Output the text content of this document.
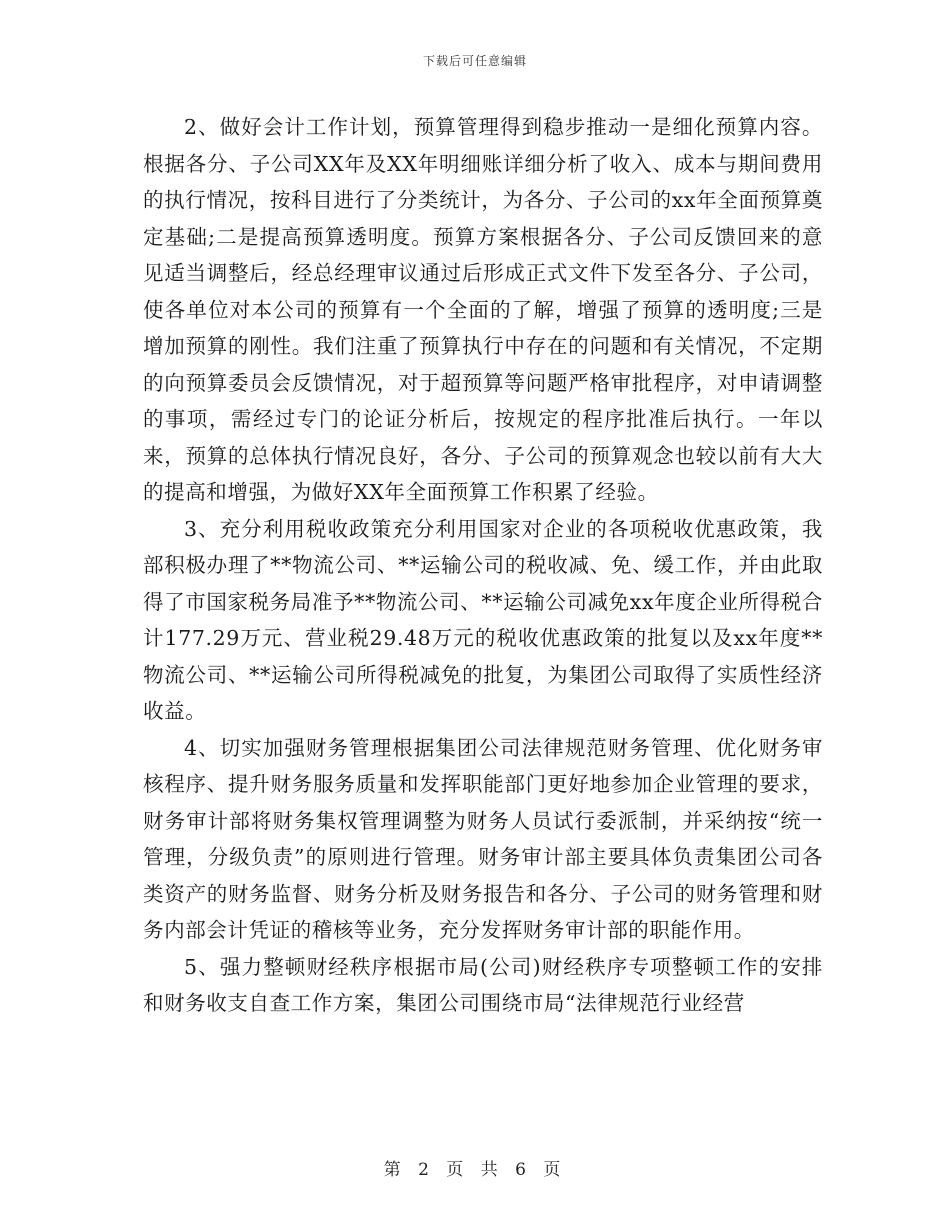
下载后可任意编辑

2、做好会计工作计划，预算管理得到稳步推动一是细化预算内容。根据各分、子公司XX年及XX年明细账详细分析了收入、成本与期间费用的执行情况，按科目进行了分类统计，为各分、子公司的xx年全面预算奠定基础;二是提高预算透明度。预算方案根据各分、子公司反馈回来的意见适当调整后，经总经理审议通过后形成正式文件下发至各分、子公司，使各单位对本公司的预算有一个全面的了解，增强了预算的透明度;三是增加预算的刚性。我们注重了预算执行中存在的问题和有关情况，不定期的向预算委员会反馈情况，对于超预算等问题严格审批程序，对申请调整的事项，需经过专门的论证分析后，按规定的程序批准后执行。一年以来，预算的总体执行情况良好，各分、子公司的预算观念也较以前有大大的提高和增强，为做好XX年全面预算工作积累了经验。

3、充分利用税收政策充分利用国家对企业的各项税收优惠政策，我部积极办理了**物流公司、**运输公司的税收减、免、缓工作，并由此取得了市国家税务局准予**物流公司、**运输公司减免xx年度企业所得税合计177.29万元、营业税29.48万元的税收优惠政策的批复以及xx年度**物流公司、**运输公司所得税减免的批复，为集团公司取得了实质性经济收益。

4、切实加强财务管理根据集团公司法律规范财务管理、优化财务审核程序、提升财务服务质量和发挥职能部门更好地参加企业管理的要求，财务审计部将财务集权管理调整为财务人员试行委派制，并采纳按“统一管理，分级负责”的原则进行管理。财务审计部主要具体负责集团公司各类资产的财务监督、财务分析及财务报告和各分、子公司的财务管理和财务内部会计凭证的稽核等业务，充分发挥财务审计部的职能作用。

5、强力整顿财经秩序根据市局(公司)财经秩序专项整顿工作的安排和财务收支自查工作方案，集团公司围绕市局“法律规范行业经营

第 2 页 共 6 页
